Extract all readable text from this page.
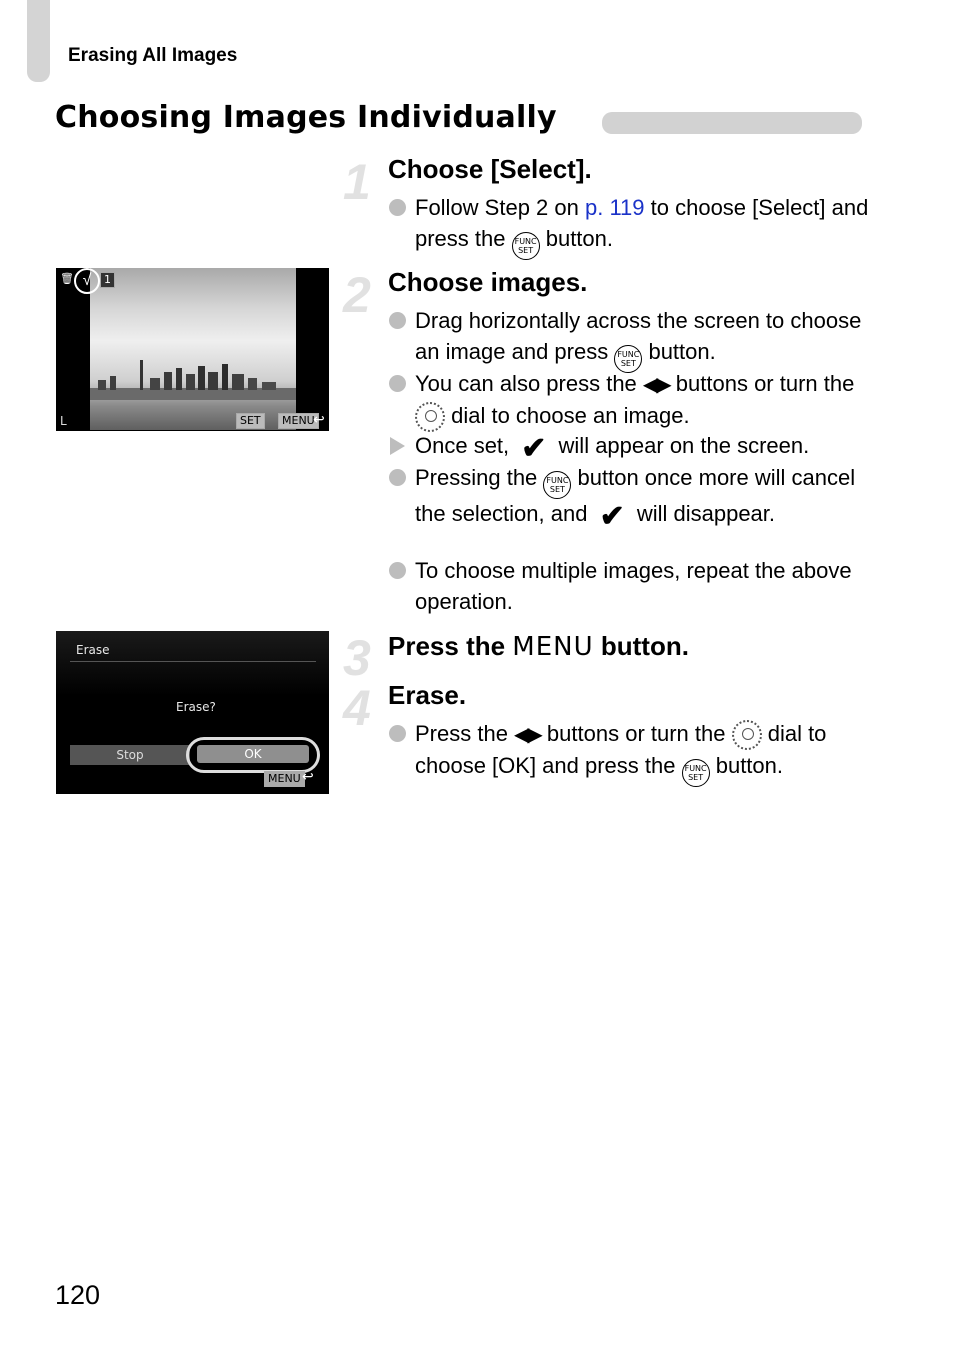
Erasing All Images
Choosing Images Individually
1 Choose [Select].
Follow Step 2 on p. 119 to choose [Select] and press the FUNC
SET button.
√
🗑	1
L	SET	MENU
↩
2 Choose images.
Drag horizontally across the screen to choose an image and press FUNC
SET button.
You can also press the ◀▶ buttons or turn the  dial to choose an image.
Once set, ✔ will appear on the screen.
Pressing the FUNC
SET button once more will cancel the selection, and ✔ will disappear.
To choose multiple images, repeat the above operation.
Erase
Erase?
Stop	OK
MENU ↩
3 Press the MENU button.
4 Erase.
Press the ◀▶ buttons or turn the  dial to choose [OK] and press the FUNC
SET button.
120
